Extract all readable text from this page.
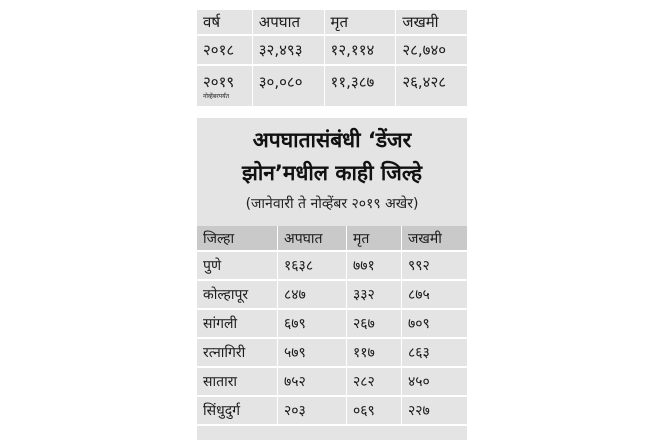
वर्ष	अपघात	मृत	जखमी
२०१८	३२,४९३	१२,११४	२८,७४०
२०१९
नोव्हेंबरपर्यंत	३०,०८०	११,३८७	२६,४२८
अपघातासंबंधी ‘डेंजर
झोन’मधील काही जिल्हे
(जानेवारी ते नोव्हेंबर २०१९ अखेर)
जिल्हा	अपघात	मृत	जखमी
पुणे	१६३८	७७१	९९२
कोल्हापूर	८४७	३३२	८७५
सांगली	६७९	२६७	७०९
रत्नागिरी	५७९	११७	८६३
सातारा	७५२	२८२	४५०
सिंधुदुर्ग	२०३	०६९	२२७
